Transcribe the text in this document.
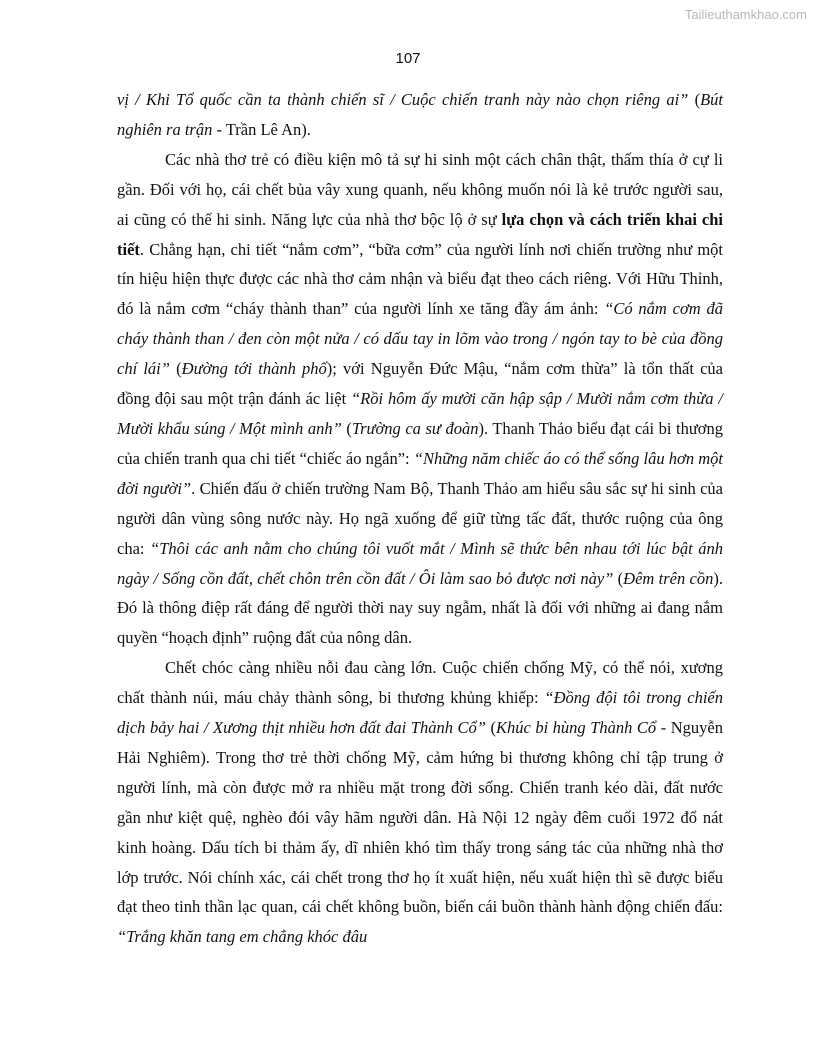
Tailieuthamkhao.com
107

vị / Khi Tổ quốc cần ta thành chiến sĩ / Cuộc chiến tranh này nào chọn riêng ai” (Bút nghiên ra trận - Trần Lê An).

Các nhà thơ trẻ có điều kiện mô tả sự hi sinh một cách chân thật, thấm thía ở cự li gần. Đối với họ, cái chết bủa vây xung quanh, nếu không muốn nói là kẻ trước người sau, ai cũng có thể hi sinh. Năng lực của nhà thơ bộc lộ ở sự lựa chọn và cách triển khai chi tiết. Chẳng hạn, chi tiết “nắm cơm”, “bữa cơm” của người lính nơi chiến trường như một tín hiệu hiện thực được các nhà thơ cảm nhận và biểu đạt theo cách riêng. Với Hữu Thỉnh, đó là nắm cơm “cháy thành than” của người lính xe tăng đầy ám ảnh: “Có nắm cơm đã cháy thành than / đen còn một nửa / có dấu tay in lõm vào trong / ngón tay to bè của đồng chí lái” (Đường tới thành phố); với Nguyễn Đức Mậu, “nắm cơm thừa” là tổn thất của đồng đội sau một trận đánh ác liệt “Rồi hôm ấy mười căn hập sập / Mười nắm cơm thừa / Mười khẩu súng / Một mình anh” (Trường ca sư đoàn). Thanh Thảo biểu đạt cái bi thương của chiến tranh qua chi tiết “chiếc áo ngắn”: “Những năm chiếc áo có thể sống lâu hơn một đời người”. Chiến đấu ở chiến trường Nam Bộ, Thanh Thảo am hiểu sâu sắc sự hi sinh của người dân vùng sông nước này. Họ ngã xuống để giữ từng tấc đất, thước ruộng của ông cha: “Thôi các anh nằm cho chúng tôi vuốt mắt / Mình sẽ thức bên nhau tới lúc bật ánh ngày / Sống cồn đất, chết chôn trên cồn đất / Ôi làm sao bỏ được nơi này” (Đêm trên cồn). Đó là thông điệp rất đáng để người thời nay suy ngẫm, nhất là đối với những ai đang nắm quyền “hoạch định” ruộng đất của nông dân.

Chết chóc càng nhiều nỗi đau càng lớn. Cuộc chiến chống Mỹ, có thể nói, xương chất thành núi, máu chảy thành sông, bi thương khủng khiếp: “Đồng đội tôi trong chiến dịch bảy hai / Xương thịt nhiều hơn đất đai Thành Cổ” (Khúc bi hùng Thành Cổ - Nguyễn Hải Nghiêm). Trong thơ trẻ thời chống Mỹ, cảm hứng bi thương không chỉ tập trung ở người lính, mà còn được mở ra nhiều mặt trong đời sống. Chiến tranh kéo dài, đất nước gần như kiệt quệ, nghèo đói vây hãm người dân. Hà Nội 12 ngày đêm cuối 1972 đổ nát kinh hoàng. Dấu tích bi thảm ấy, dĩ nhiên khó tìm thấy trong sáng tác của những nhà thơ lớp trước. Nói chính xác, cái chết trong thơ họ ít xuất hiện, nếu xuất hiện thì sẽ được biểu đạt theo tinh thần lạc quan, cái chết không buồn, biến cái buồn thành hành động chiến đấu: “Trắng khăn tang em chẳng khóc đâu
